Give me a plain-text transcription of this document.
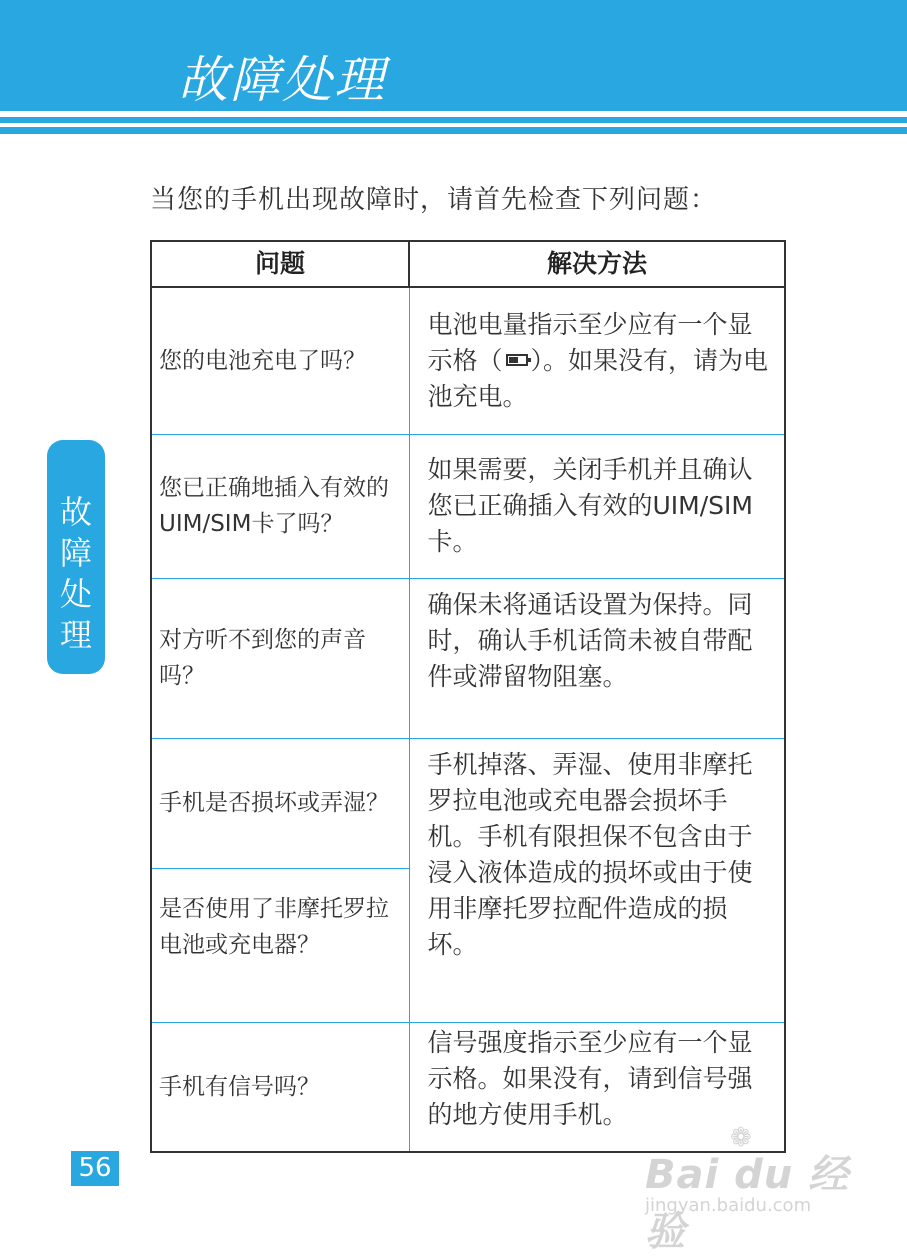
故障处理
当您的手机出现故障时，请首先检查下列问题：
故
障
处
理
问题	解决方法
您的电池充电了吗？	电池电量指示至少应有一个显示格（ ）。如果没有，请为电池充电。
您已正确地插入有效的UIM/SIM卡了吗？	如果需要，关闭手机并且确认您已正确插入有效的UIM/SIM 卡。
对方听不到您的声音吗？	确保未将通话设置为保持。同时，确认手机话筒未被自带配件或滞留物阻塞。
手机是否损坏或弄湿？	手机掉落、弄湿、使用非摩托罗拉电池或充电器会损坏手机。手机有限担保不包含由于浸入液体造成的损坏或由于使用非摩托罗拉配件造成的损坏。
是否使用了非摩托罗拉电池或充电器？	
手机有信号吗？	信号强度指示至少应有一个显示格。如果没有，请到信号强的地方使用手机。
56
❁
Bai du 经验
jingyan.baidu.com
